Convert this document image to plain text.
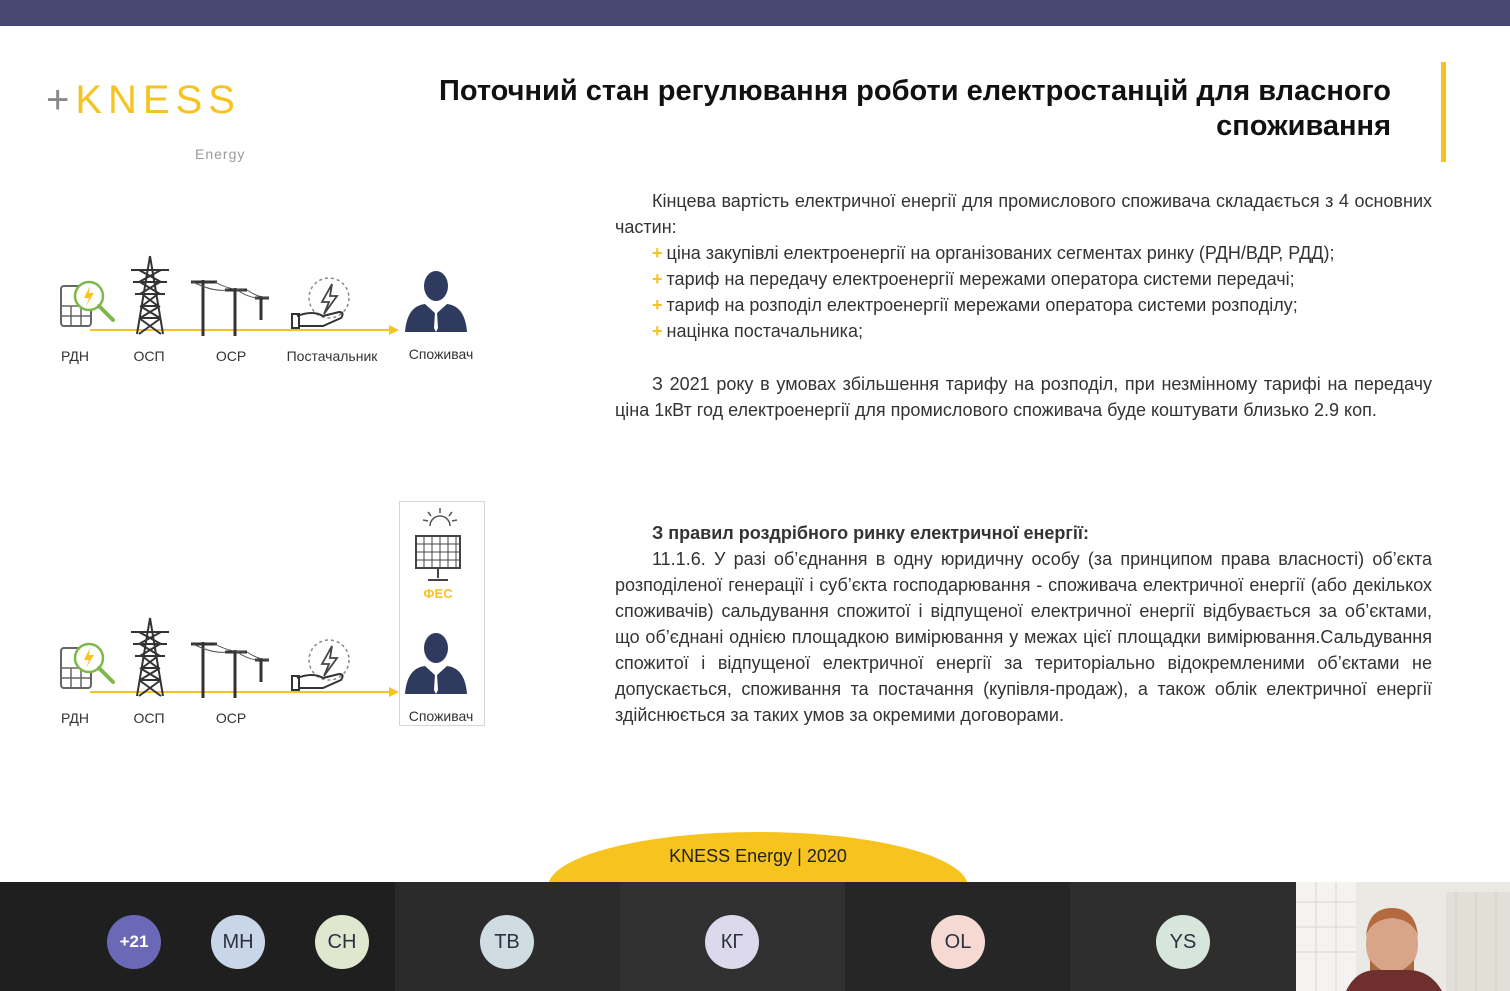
+KNESS
Energy
Поточний стан регулювання роботи електростанцій для власного
споживання
РДН	ОСП	ОСР	Постачальник	Споживач
ФЕС
РДН	ОСП	ОСР	Споживач

Кінцева вартість електричної енергії для промислового споживача складається з 4 основних частин:

+ ціна закупівлі електроенергії на організованих сегментах ринку (РДН/ВДР, РДД);

+ тариф на передачу електроенергії мережами оператора системи передачі;

+ тариф на розподіл електроенергії мережами оператора системи розподілу;

+ націнка постачальника;

З 2021 року в умовах збільшення тарифу на розподіл, при незмінному тарифі на передачу ціна 1кВт год електроенергії для промислового споживача буде коштувати близько 2.9 коп.

З правил роздрібного ринку електричної енергії:

11.1.6. У разі об’єднання в одну юридичну особу (за принципом права власності) об’єкта розподіленої генерації і суб’єкта господарювання - споживача електричної енергії (або декількох споживачів) сальдування спожитої і відпущеної електричної енергії відбувається за об’єктами, що об’єднані однією площадкою вимірювання у межах цієї площадки вимірювання.Сальдування спожитої і відпущеної електричної енергії за територіально відокремленими об’єктами не допускається, споживання та постачання (купівля-продаж), а також облік електричної енергії здійснюється за таких умов за окремими договорами.

KNESS Energy | 2020
+21	МН	CH	TB	КГ	OL	YS
